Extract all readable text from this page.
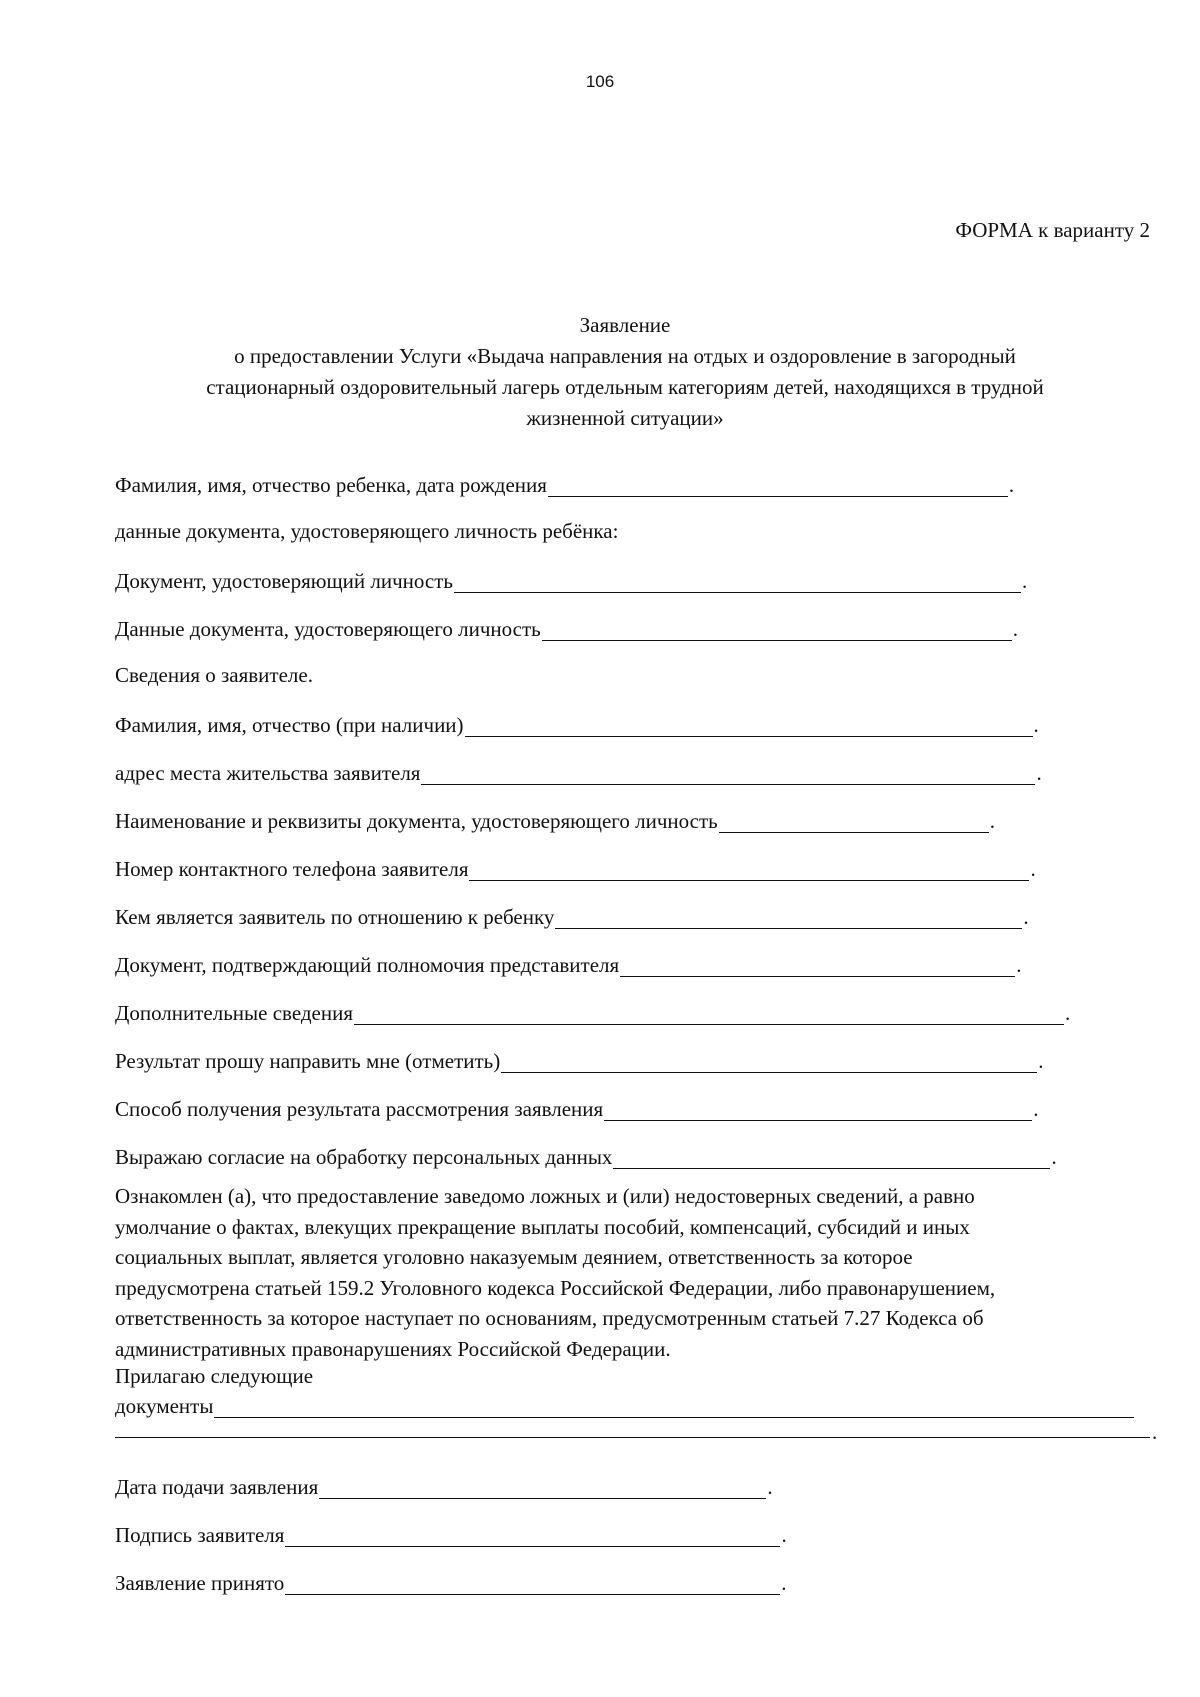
106
ФОРМА к варианту 2
Заявление
о предоставлении Услуги «Выдача направления на отдых и оздоровление в загородный
стационарный оздоровительный лагерь отдельным категориям детей, находящихся в трудной
жизненной ситуации»
Фамилия, имя, отчество ребенка, дата рождения	.
данные документа, удостоверяющего личность ребёнка:
Документ, удостоверяющий личность	.
Данные документа, удостоверяющего личность	.
Сведения о заявителе.
Фамилия, имя, отчество (при наличии)	.
адрес места жительства заявителя	.
Наименование и реквизиты документа, удостоверяющего личность	.
Номер контактного телефона заявителя	.
Кем является заявитель по отношению к ребенку	.
Документ, подтверждающий полномочия представителя	.
Дополнительные сведения	.
Результат прошу направить мне (отметить)	.
Способ получения результата рассмотрения заявления	.
Выражаю согласие на обработку персональных данных	.
Ознакомлен (а), что предоставление заведомо ложных и (или) недостоверных сведений, а равно
умолчание о фактах, влекущих прекращение выплаты пособий, компенсаций, субсидий и иных
социальных выплат, является уголовно наказуемым деянием, ответственность за которое
предусмотрена статьей 159.2 Уголовного кодекса Российской Федерации, либо правонарушением,
ответственность за которое наступает по основаниям, предусмотренным статьей 7.27 Кодекса об
административных правонарушениях Российской Федерации.
Прилагаю следующие
документы
.
Дата подачи заявления	.
Подпись заявителя	.
Заявление принято	.
